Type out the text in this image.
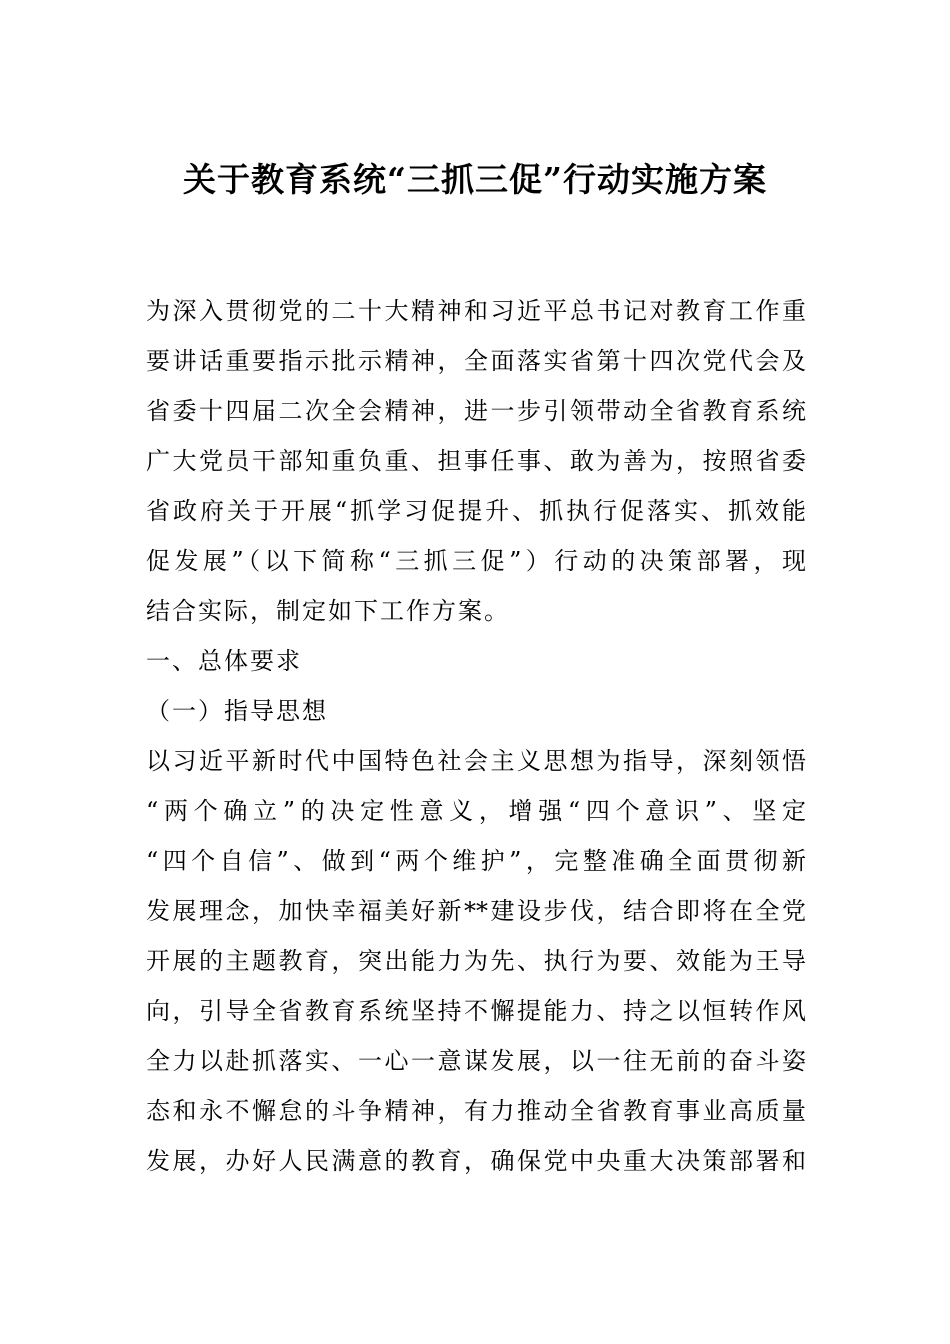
关于教育系统“三抓三促”行动实施方案
为深入贯彻党的二十大精神和习近平总书记对教育工作重
要讲话重要指示批示精神，全面落实省第十四次党代会及
省委十四届二次全会精神，进一步引领带动全省教育系统
广大党员干部知重负重、担事任事、敢为善为，按照省委
省政府关于开展“抓学习促提升、抓执行促落实、抓效能
促发展”（以下简称“三抓三促”）行动的决策部署，现
结合实际，制定如下工作方案。
一、总体要求
（一）指导思想
以习近平新时代中国特色社会主义思想为指导，深刻领悟
“两个确立”的决定性意义，增强“四个意识”、坚定
“四个自信”、做到“两个维护”，完整准确全面贯彻新
发展理念，加快幸福美好新**建设步伐，结合即将在全党
开展的主题教育，突出能力为先、执行为要、效能为王导
向，引导全省教育系统坚持不懈提能力、持之以恒转作风
全力以赴抓落实、一心一意谋发展，以一往无前的奋斗姿
态和永不懈怠的斗争精神，有力推动全省教育事业高质量
发展，办好人民满意的教育，确保党中央重大决策部署和
